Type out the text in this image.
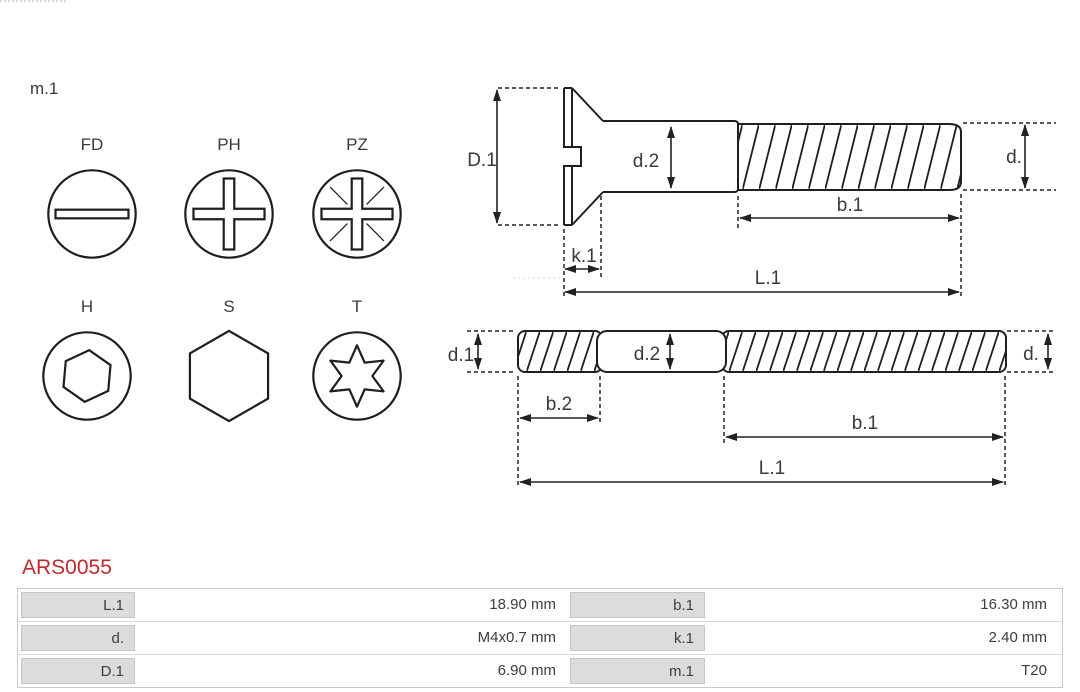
m.1
FD	PH	PZ
H	S	T
D.1	d.2	d.
k.1
b.1
L.1
d.1	d.2	d.
b.2
b.1
L.1
ARS0055
L.1	18.90 mm	b.1	16.30 mm
d.	M4x0.7 mm	k.1	2.40 mm
D.1	6.90 mm	m.1	T20
